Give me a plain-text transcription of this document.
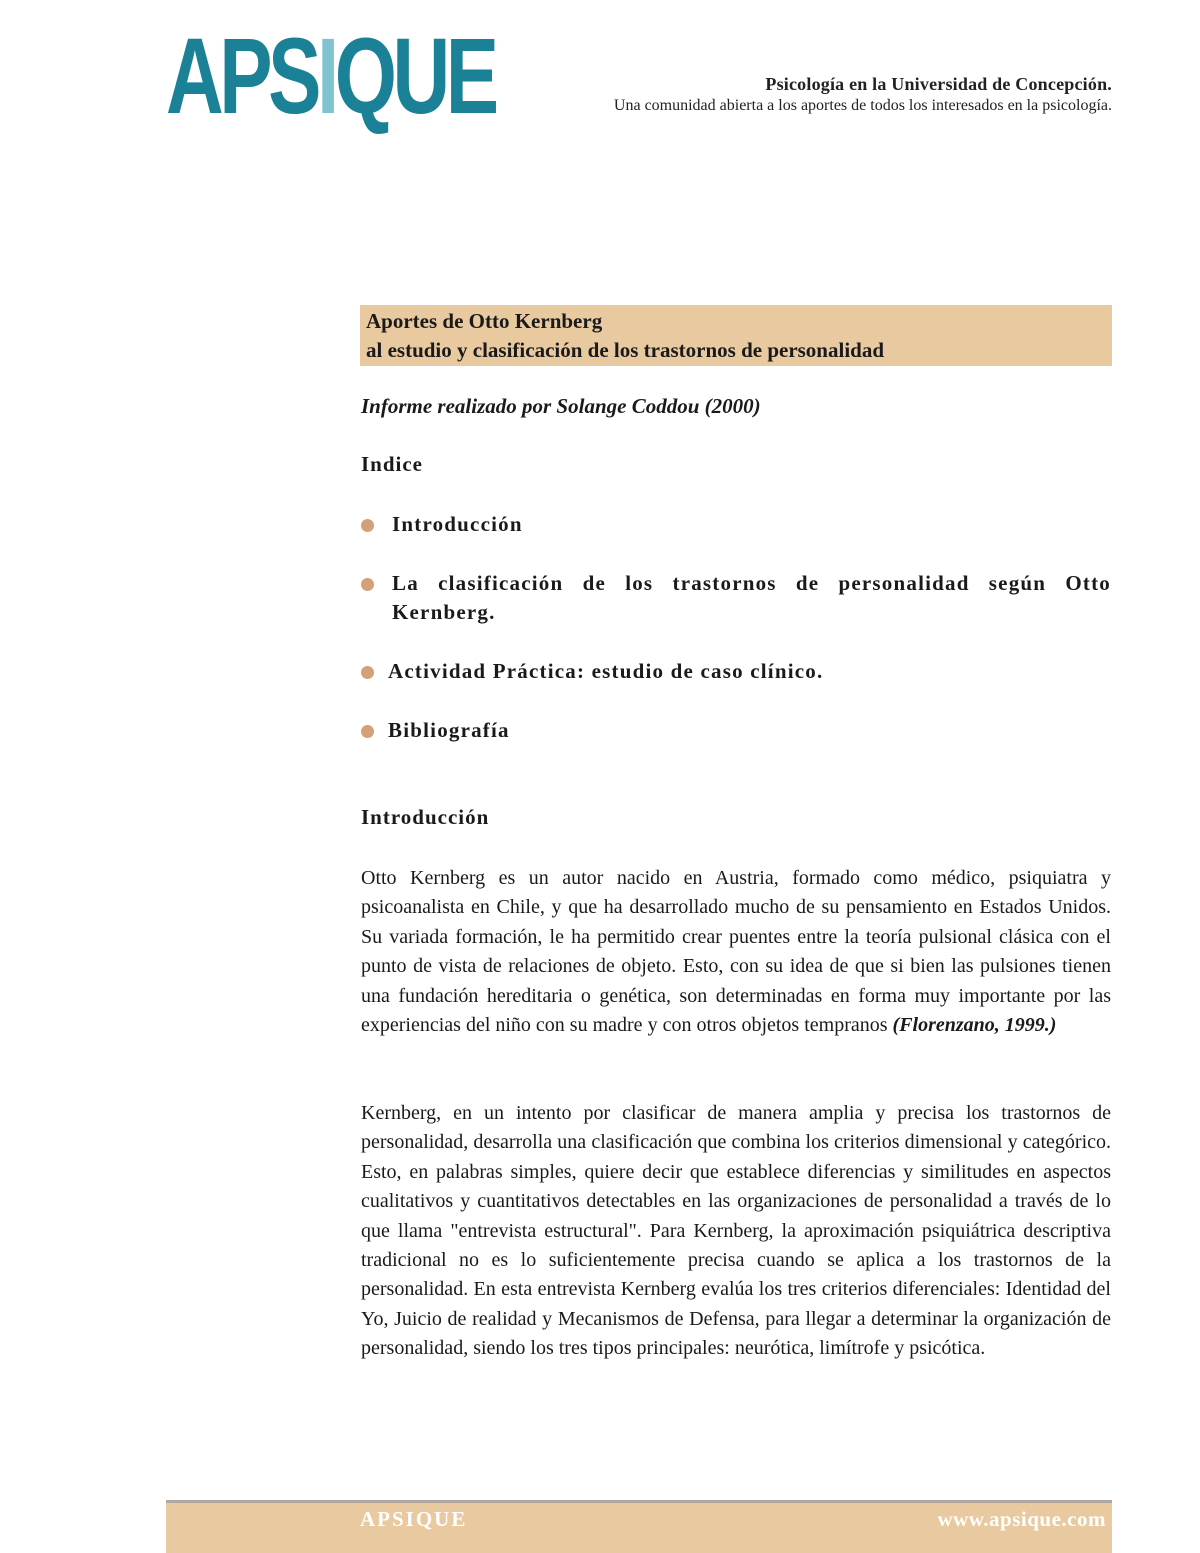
APSIQUE	Psicología en la Universidad de Concepción.
Una comunidad abierta a los aportes de todos los interesados en la psicología.
Aportes de Otto Kernberg
al estudio y clasificación de los trastornos de personalidad
Informe realizado por Solange Coddou (2000)
Indice
Introducción
La clasificación de los trastornos de personalidad según Otto Kernberg.
Actividad Práctica: estudio de caso clínico.
Bibliografía
Introducción
Otto Kernberg es un autor nacido en Austria, formado como médico, psiquiatra y psicoanalista en Chile, y que ha desarrollado mucho de su pensamiento en Estados Unidos. Su variada formación, le ha permitido crear puentes entre la teoría pulsional clásica con el punto de vista de relaciones de objeto. Esto, con su idea de que si bien las pulsiones tienen una fundación hereditaria o genética, son determinadas en forma muy importante por las experiencias del niño con su madre y con otros objetos tempranos (Florenzano, 1999.)
Kernberg, en un intento por clasificar de manera amplia y precisa los trastornos de personalidad, desarrolla una clasificación que combina los criterios dimensional y categórico. Esto, en palabras simples, quiere decir que establece diferencias y similitudes en aspectos cualitativos y cuantitativos detectables en las organizaciones de personalidad a través de lo que llama "entrevista estructural". Para Kernberg, la aproximación psiquiátrica descriptiva tradicional no es lo suficientemente precisa cuando se aplica a los trastornos de la personalidad. En esta entrevista Kernberg evalúa los tres criterios diferenciales: Identidad del Yo, Juicio de realidad y Mecanismos de Defensa, para llegar a determinar la organización de personalidad, siendo los tres tipos principales: neurótica, limítrofe y psicótica.
APSIQUE	www.apsique.com
